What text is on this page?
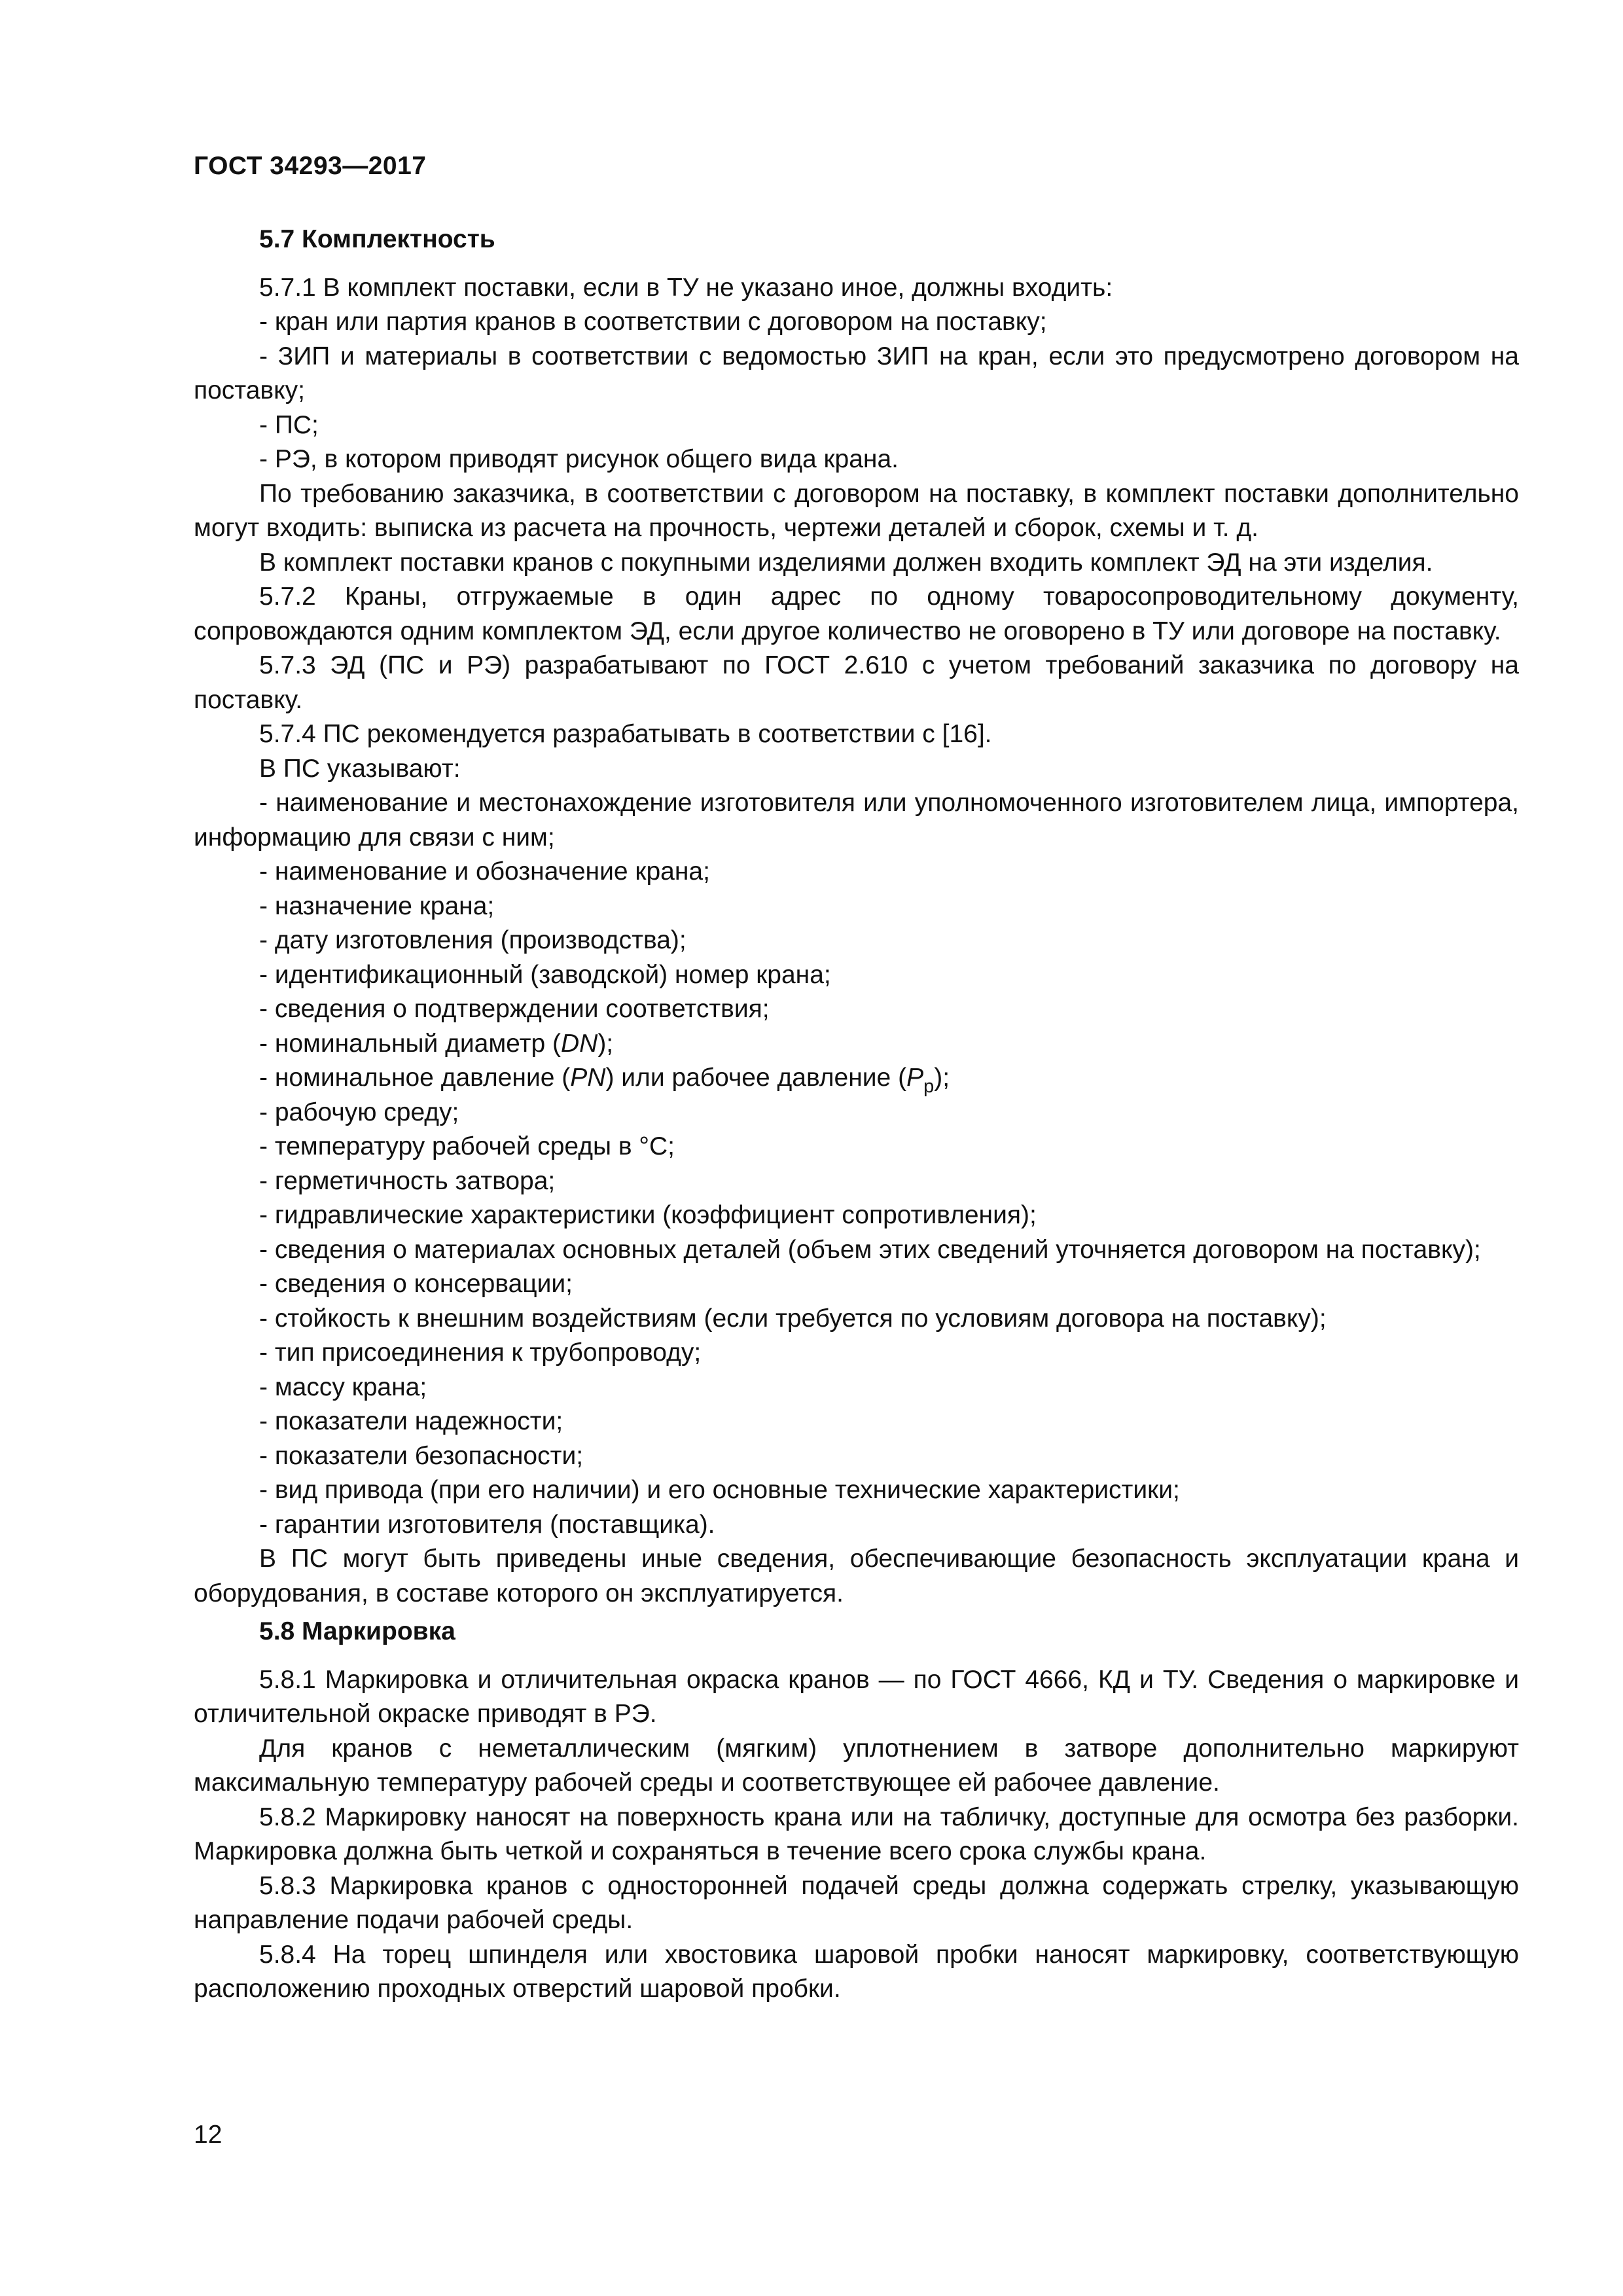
ГОСТ 34293—2017

5.7 Комплектность

5.7.1 В комплект поставки, если в ТУ не указано иное, должны входить:

- кран или партия кранов в соответствии с договором на поставку;

- ЗИП и материалы в соответствии с ведомостью ЗИП на кран, если это предусмотрено договором на поставку;

- ПС;

- РЭ, в котором приводят рисунок общего вида крана.

По требованию заказчика, в соответствии с договором на поставку, в комплект поставки дополнительно могут входить: выписка из расчета на прочность, чертежи деталей и сборок, схемы и т. д.

В комплект поставки кранов с покупными изделиями должен входить комплект ЭД на эти изделия.

5.7.2 Краны, отгружаемые в один адрес по одному товаросопроводительному документу, сопровождаются одним комплектом ЭД, если другое количество не оговорено в ТУ или договоре на поставку.

5.7.3 ЭД (ПС и РЭ) разрабатывают по ГОСТ 2.610 с учетом требований заказчика по договору на поставку.

5.7.4 ПС рекомендуется разрабатывать в соответствии с [16].

В ПС указывают:

- наименование и местонахождение изготовителя или уполномоченного изготовителем лица, импортера, информацию для связи с ним;

- наименование и обозначение крана;

- назначение крана;

- дату изготовления (производства);

- идентификационный (заводской) номер крана;

- сведения о подтверждении соответствия;

- номинальный диаметр (DN);

- номинальное давление (PN) или рабочее давление $(P_р)$;

- рабочую среду;

- температуру рабочей среды в °С;

- герметичность затвора;

- гидравлические характеристики (коэффициент сопротивления);

- сведения о материалах основных деталей (объем этих сведений уточняется договором на поставку);

- сведения о консервации;

- стойкость к внешним воздействиям (если требуется по условиям договора на поставку);

- тип присоединения к трубопроводу;

- массу крана;

- показатели надежности;

- показатели безопасности;

- вид привода (при его наличии) и его основные технические характеристики;

- гарантии изготовителя (поставщика).

В ПС могут быть приведены иные сведения, обеспечивающие безопасность эксплуатации крана и оборудования, в составе которого он эксплуатируется.

5.8 Маркировка

5.8.1 Маркировка и отличительная окраска кранов — по ГОСТ 4666, КД и ТУ. Сведения о маркировке и отличительной окраске приводят в РЭ.

Для кранов с неметаллическим (мягким) уплотнением в затворе дополнительно маркируют максимальную температуру рабочей среды и соответствующее ей рабочее давление.

5.8.2 Маркировку наносят на поверхность крана или на табличку, доступные для осмотра без разборки. Маркировка должна быть четкой и сохраняться в течение всего срока службы крана.

5.8.3 Маркировка кранов с односторонней подачей среды должна содержать стрелку, указывающую направление подачи рабочей среды.

5.8.4 На торец шпинделя или хвостовика шаровой пробки наносят маркировку, соответствующую расположению проходных отверстий шаровой пробки.

12
